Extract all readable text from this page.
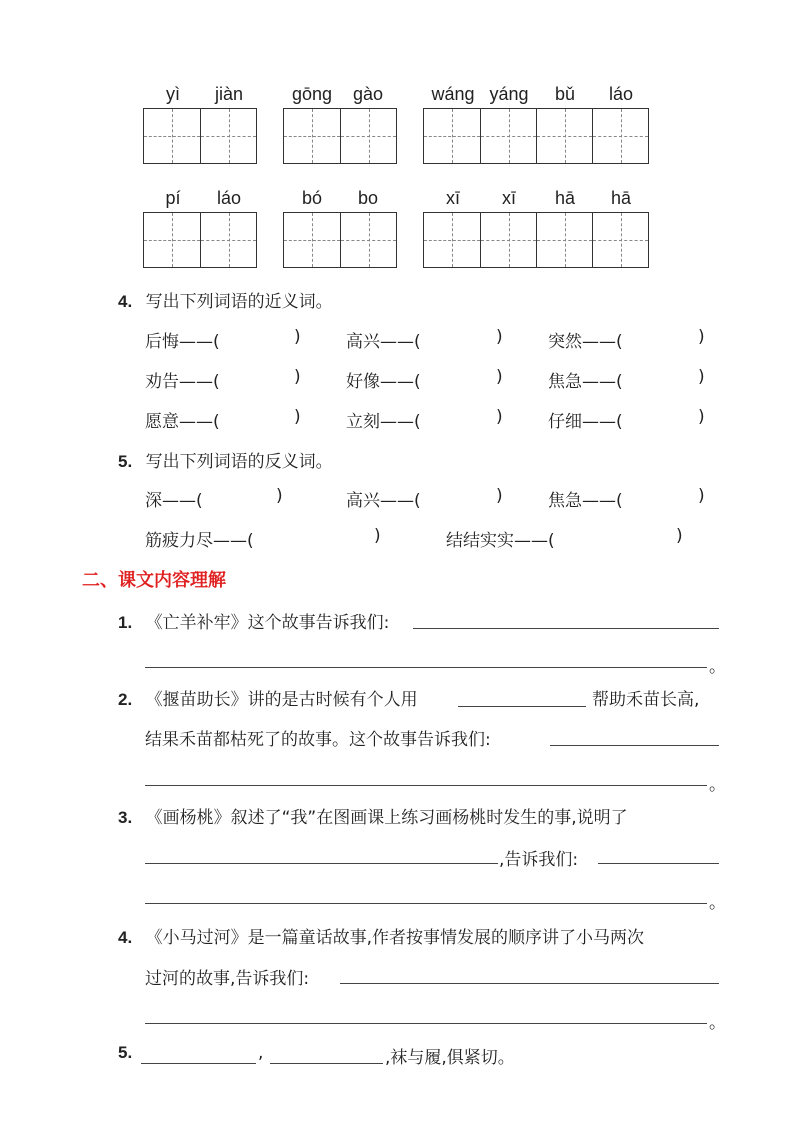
yì	jiàn	gōng	gào	wáng yáng	bǔ	láo
pí	láo	bó	bo	xī	xī	hā	hā
4. 写出下列词语的近义词。
后悔——(	)	高兴——(	)	突然——(	)
劝告——(	)	好像——(	)	焦急——(	)
愿意——(	)	立刻——(	)	仔细——(	)
5. 写出下列词语的反义词。
深——(	)	高兴——(	)	焦急——(	)
筋疲力尽——(	)	结结实实——(	)
二、课文内容理解
1. 《亡羊补牢》这个故事告诉我们:
。
2. 《揠苗助长》讲的是古时候有个人用	帮助禾苗长高,
结果禾苗都枯死了的故事。这个故事告诉我们:
。
3. 《画杨桃》叙述了“我”在图画课上练习画杨桃时发生的事,说明了
,告诉我们:
。
4. 《小马过河》是一篇童话故事,作者按事情发展的顺序讲了小马两次
过河的故事,告诉我们:
。
5.	,	,袜与履,俱紧切。
